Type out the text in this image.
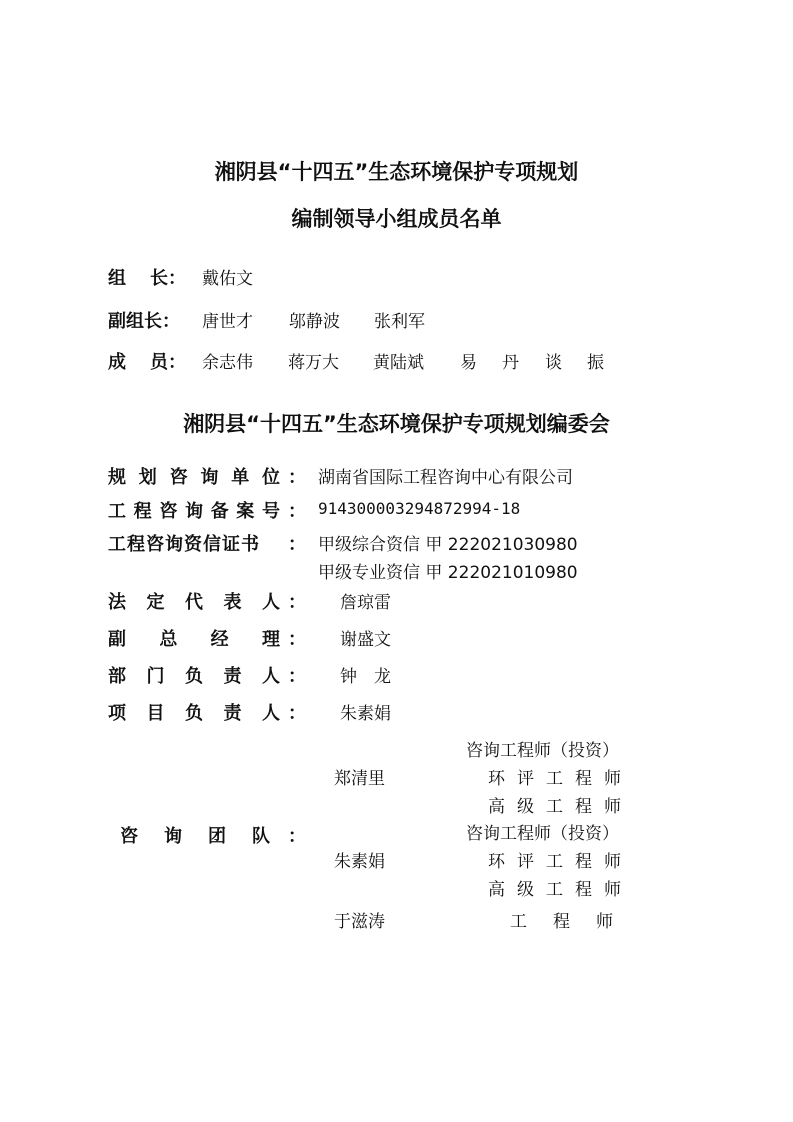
湘阴县“十四五”生态环境保护专项规划
编制领导小组成员名单
组 长： 戴佑文
副组长： 唐世才 邬静波 张利军
成 员： 余志伟 蒋万大 黄陆斌 易 丹 谈 振
湘阴县“十四五”生态环境保护专项规划编委会
规 划 咨 询 单 位 ： 湖南省国际工程咨询中心有限公司
工 程 咨 询 备 案 号 ： 91430000329487299​4-18
工程咨询资信证书 ： 甲级综合资信 甲 222021030980
甲级专业资信 甲 222021010980
法 定 代 表 人 ： 詹琼雷
副 总 经 理 ： 谢盛文
部 门 负 责 人 ： 钟　龙
项 目 负 责 人 ： 朱素娟
咨 询 团 队 ：
郑清里
咨询工程师（投资）
环评工程师
高级工程师
朱素娟
咨询工程师（投资）
环评工程师
高级工程师
于滋涛	工程师
